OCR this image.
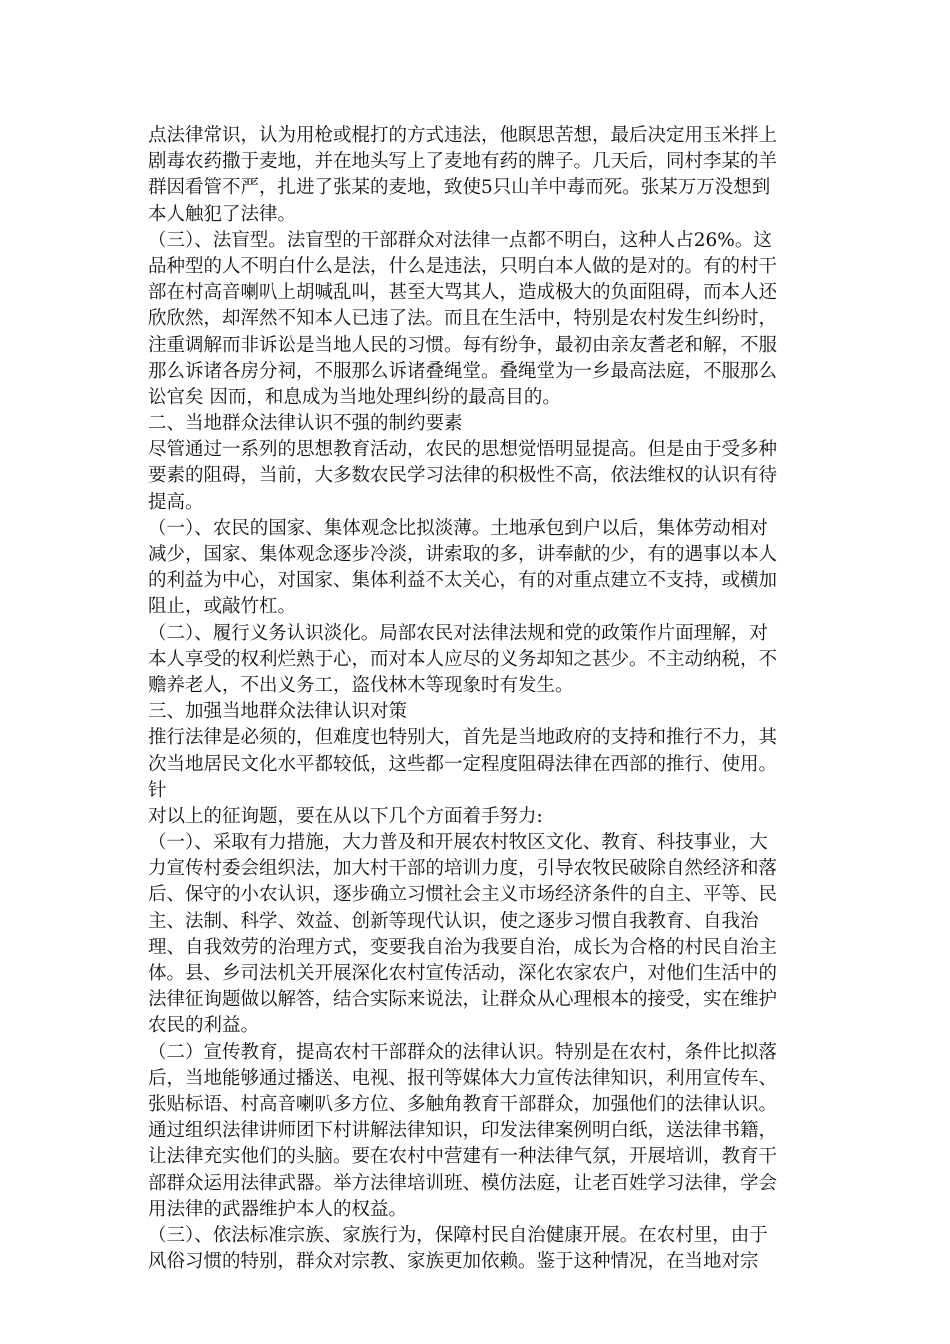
点法律常识，认为用枪或棍打的方式违法，他瞑思苦想，最后决定用玉米拌上
剧毒农药撒于麦地，并在地头写上了麦地有药的牌子。几天后，同村李某的羊
群因看管不严，扎进了张某的麦地，致使5只山羊中毒而死。张某万万没想到
本人触犯了法律。
（三）、法盲型。法盲型的干部群众对法律一点都不明白，这种人占26%。这
品种型的人不明白什么是法，什么是违法，只明白本人做的是对的。有的村干
部在村高音喇叭上胡喊乱叫，甚至大骂其人，造成极大的负面阻碍，而本人还
欣欣然，却浑然不知本人已违了法。而且在生活中，特别是农村发生纠纷时，
注重调解而非诉讼是当地人民的习惯。每有纷争，最初由亲友耆老和解，不服
那么诉诸各房分祠，不服那么诉诸叠绳堂。叠绳堂为一乡最高法庭，不服那么
讼官矣 因而，和息成为当地处理纠纷的最高目的。
二、当地群众法律认识不强的制约要素
尽管通过一系列的思想教育活动，农民的思想觉悟明显提高。但是由于受多种
要素的阻碍，当前，大多数农民学习法律的积极性不高，依法维权的认识有待
提高。
（一）、农民的国家、集体观念比拟淡薄。土地承包到户以后，集体劳动相对
减少，国家、集体观念逐步冷淡，讲索取的多，讲奉献的少，有的遇事以本人
的利益为中心，对国家、集体利益不太关心，有的对重点建立不支持，或横加
阻止，或敲竹杠。
（二）、履行义务认识淡化。局部农民对法律法规和党的政策作片面理解，对
本人享受的权利烂熟于心，而对本人应尽的义务却知之甚少。不主动纳税，不
赡养老人，不出义务工，盗伐林木等现象时有发生。
三、加强当地群众法律认识对策
推行法律是必须的，但难度也特别大，首先是当地政府的支持和推行不力，其
次当地居民文化水平都较低，这些都一定程度阻碍法律在西部的推行、使用。
针
对以上的征询题，要在从以下几个方面着手努力:
（一）、采取有力措施，大力普及和开展农村牧区文化、教育、科技事业，大
力宣传村委会组织法，加大村干部的培训力度，引导农牧民破除自然经济和落
后、保守的小农认识，逐步确立习惯社会主义市场经济条件的自主、平等、民
主、法制、科学、效益、创新等现代认识，使之逐步习惯自我教育、自我治
理、自我效劳的治理方式，变要我自治为我要自治，成长为合格的村民自治主
体。县、乡司法机关开展深化农村宣传活动，深化农家农户，对他们生活中的
法律征询题做以解答，结合实际来说法，让群众从心理根本的接受，实在维护
农民的利益。
（二）宣传教育，提高农村干部群众的法律认识。特别是在农村，条件比拟落
后，当地能够通过播送、电视、报刊等媒体大力宣传法律知识，利用宣传车、
张贴标语、村高音喇叭多方位、多触角教育干部群众，加强他们的法律认识。
通过组织法律讲师团下村讲解法律知识，印发法律案例明白纸，送法律书籍，
让法律充实他们的头脑。要在农村中营建有一种法律气氛，开展培训，教育干
部群众运用法律武器。举方法律培训班、模仿法庭，让老百姓学习法律，学会
用法律的武器维护本人的权益。
（三）、依法标准宗族、家族行为，保障村民自治健康开展。在农村里，由于
风俗习惯的特别，群众对宗教、家族更加依赖。鉴于这种情况，在当地对宗
